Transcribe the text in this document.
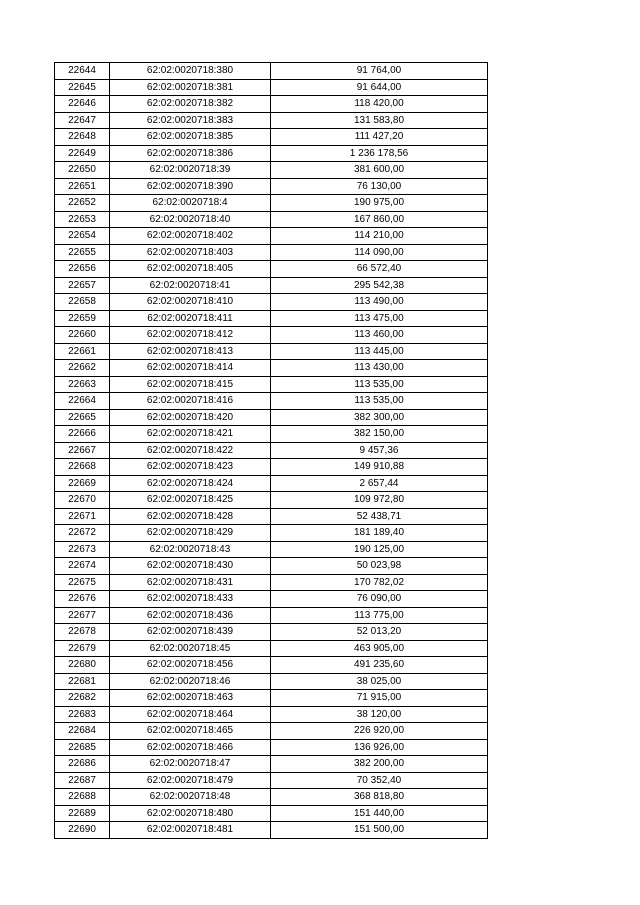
22644	62:02:0020718:380	91 764,00
22645	62:02:0020718:381	91 644,00
22646	62:02:0020718:382	118 420,00
22647	62:02:0020718:383	131 583,80
22648	62:02:0020718:385	111 427,20
22649	62:02:0020718:386	1 236 178,56
22650	62:02:0020718:39	381 600,00
22651	62:02:0020718:390	76 130,00
22652	62:02:0020718:4	190 975,00
22653	62:02:0020718:40	167 860,00
22654	62:02:0020718:402	114 210,00
22655	62:02:0020718:403	114 090,00
22656	62:02:0020718:405	66 572,40
22657	62:02:0020718:41	295 542,38
22658	62:02:0020718:410	113 490,00
22659	62:02:0020718:411	113 475,00
22660	62:02:0020718:412	113 460,00
22661	62:02:0020718:413	113 445,00
22662	62:02:0020718:414	113 430,00
22663	62:02:0020718:415	113 535,00
22664	62:02:0020718:416	113 535,00
22665	62:02:0020718:420	382 300,00
22666	62:02:0020718:421	382 150,00
22667	62:02:0020718:422	9 457,36
22668	62:02:0020718:423	149 910,88
22669	62:02:0020718:424	2 657,44
22670	62:02:0020718:425	109 972,80
22671	62:02:0020718:428	52 438,71
22672	62:02:0020718:429	181 189,40
22673	62:02:0020718:43	190 125,00
22674	62:02:0020718:430	50 023,98
22675	62:02:0020718:431	170 782,02
22676	62:02:0020718:433	76 090,00
22677	62:02:0020718:436	113 775,00
22678	62:02:0020718:439	52 013,20
22679	62:02:0020718:45	463 905,00
22680	62:02:0020718:456	491 235,60
22681	62:02:0020718:46	38 025,00
22682	62:02:0020718:463	71 915,00
22683	62:02:0020718:464	38 120,00
22684	62:02:0020718:465	226 920,00
22685	62:02:0020718:466	136 926,00
22686	62:02:0020718:47	382 200,00
22687	62:02:0020718:479	70 352,40
22688	62:02:0020718:48	368 818,80
22689	62:02:0020718:480	151 440,00
22690	62:02:0020718:481	151 500,00
